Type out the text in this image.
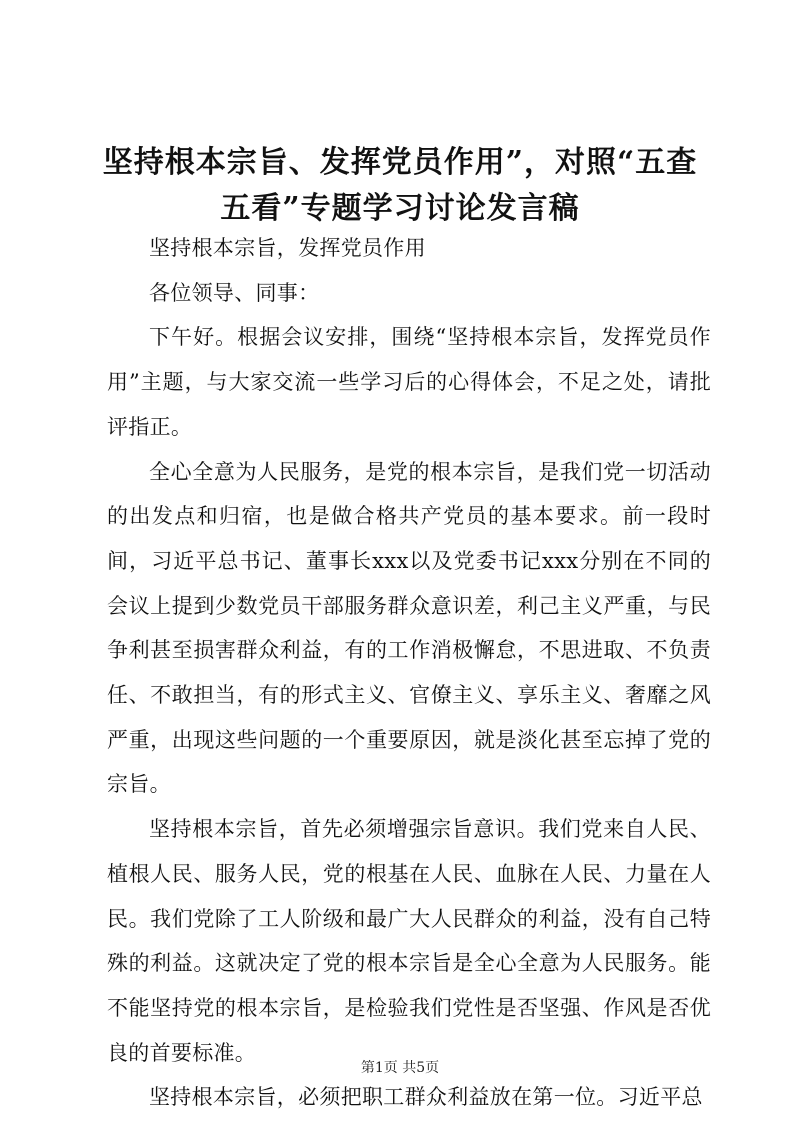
坚持根本宗旨、发挥党员作用”，对照“五查五看”专题学习讨论发言稿

坚持根本宗旨，发挥党员作用

各位领导、同事：

下午好。根据会议安排，围绕“坚持根本宗旨，发挥党员作用”主题，与大家交流一些学习后的心得体会，不足之处，请批评指正。

全心全意为人民服务，是党的根本宗旨，是我们党一切活动的出发点和归宿，也是做合格共产党员的基本要求。前一段时间，习近平总书记、董事长xxx以及党委书记xxx分别在不同的会议上提到少数党员干部服务群众意识差，利己主义严重，与民争利甚至损害群众利益，有的工作消极懈怠，不思进取、不负责任、不敢担当，有的形式主义、官僚主义、享乐主义、奢靡之风严重，出现这些问题的一个重要原因，就是淡化甚至忘掉了党的宗旨。

坚持根本宗旨，首先必须增强宗旨意识。我们党来自人民、植根人民、服务人民，党的根基在人民、血脉在人民、力量在人民。我们党除了工人阶级和最广大人民群众的利益，没有自己特殊的利益。这就决定了党的根本宗旨是全心全意为人民服务。能不能坚持党的根本宗旨，是检验我们党性是否坚强、作风是否优良的首要标准。

坚持根本宗旨，必须把职工群众利益放在第一位。习近平总

第1页 共5页
